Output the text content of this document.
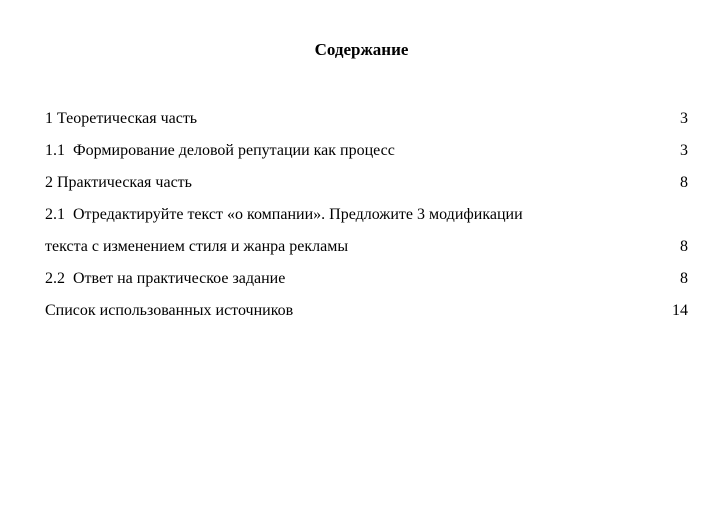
Содержание
1 Теоретическая часть	3
1.1  Формирование деловой репутации как процесс	3
2 Практическая часть	8
2.1  Отредактируйте текст «о компании». Предложите 3 модификации
текста с изменением стиля и жанра рекламы	8
2.2  Ответ на практическое задание	8
Список использованных источников	14
